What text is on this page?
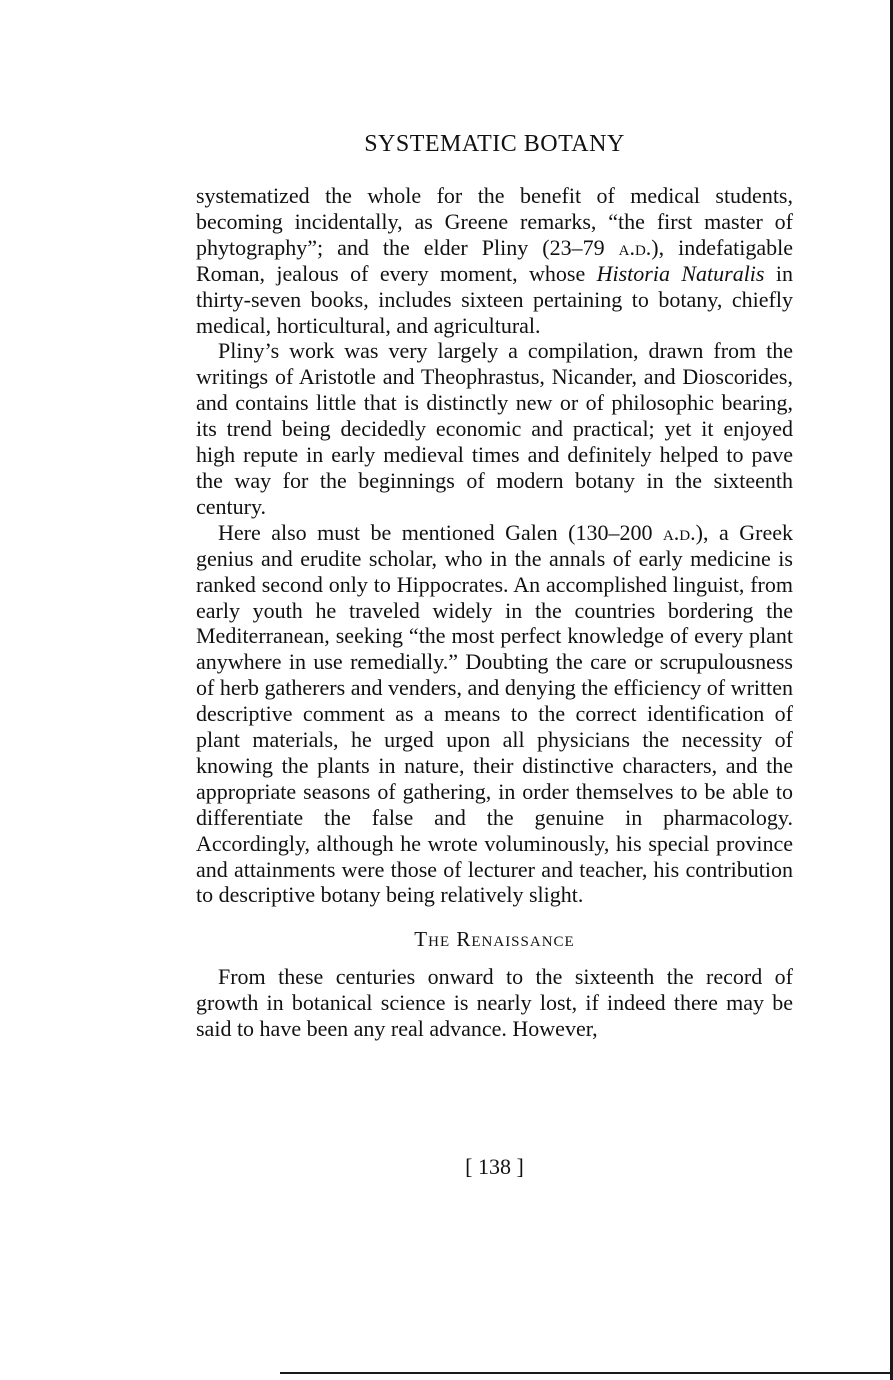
SYSTEMATIC BOTANY

systematized the whole for the benefit of medical students, becoming incidentally, as Greene remarks, “the first master of phytography”; and the elder Pliny (23–79 a.d.), indefatigable Roman, jealous of every moment, whose Historia Naturalis in thirty-seven books, includes sixteen pertaining to botany, chiefly medical, horticultural, and agricultural.

Pliny’s work was very largely a compilation, drawn from the writings of Aristotle and Theophrastus, Nicander, and Dioscorides, and contains little that is distinctly new or of philosophic bearing, its trend being decidedly economic and practical; yet it enjoyed high repute in early medieval times and definitely helped to pave the way for the beginnings of modern botany in the sixteenth century.

Here also must be mentioned Galen (130–200 a.d.), a Greek genius and erudite scholar, who in the annals of early medicine is ranked second only to Hippocrates. An accomplished linguist, from early youth he traveled widely in the countries bordering the Mediterranean, seeking “the most perfect knowledge of every plant anywhere in use remedially.” Doubting the care or scrupulousness of herb gatherers and venders, and denying the efficiency of written descriptive comment as a means to the correct identification of plant materials, he urged upon all physicians the necessity of knowing the plants in nature, their distinctive characters, and the appropriate seasons of gathering, in order themselves to be able to differentiate the false and the genuine in pharmacology. Accordingly, although he wrote voluminously, his special province and attainments were those of lecturer and teacher, his contribution to descriptive botany being relatively slight.

The Renaissance

From these centuries onward to the sixteenth the record of growth in botanical science is nearly lost, if indeed there may be said to have been any real advance. However,

[ 138 ]
